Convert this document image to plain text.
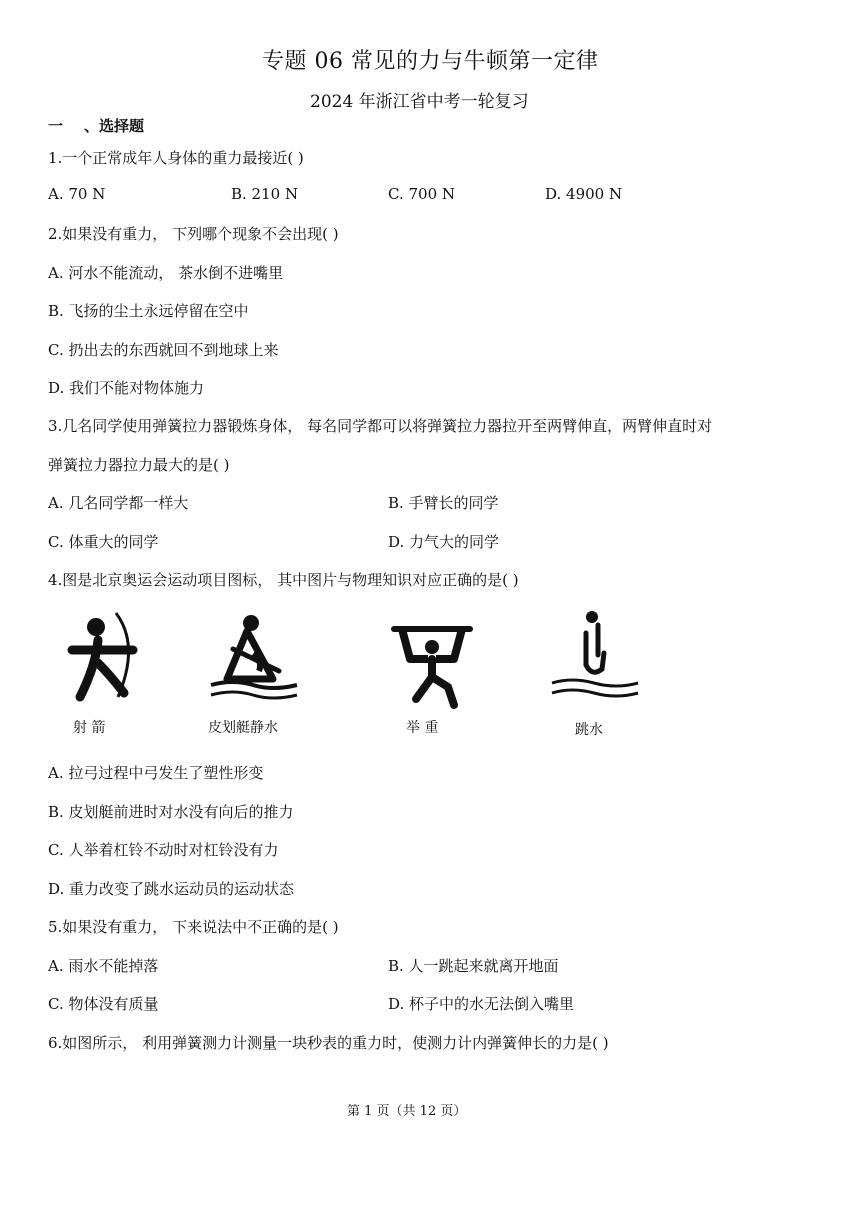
专题 06 常见的力与牛顿第一定律
2024 年浙江省中考一轮复习
一 、选择题
1.一个正常成年人身体的重力最接近( )
A. 70 N	B. 210 N	C. 700 N	D. 4900 N
2.如果没有重力， 下列哪个现象不会出现( )
A. 河水不能流动， 茶水倒不进嘴里
B. 飞扬的尘土永远停留在空中
C. 扔出去的东西就回不到地球上来
D. 我们不能对物体施力
3.几名同学使用弹簧拉力器锻炼身体， 每名同学都可以将弹簧拉力器拉开至两臂伸直，两臂伸直时对
弹簧拉力器拉力最大的是( )
A. 几名同学都一样大	B. 手臂长的同学
C. 体重大的同学	D. 力气大的同学
4.图是北京奥运会运动项目图标， 其中图片与物理知识对应正确的是( )
射 箭	皮划艇静水	举 重	跳水
A. 拉弓过程中弓发生了塑性形变
B. 皮划艇前进时对水没有向后的推力
C. 人举着杠铃不动时对杠铃没有力
D. 重力改变了跳水运动员的运动状态
5.如果没有重力， 下来说法中不正确的是( )
A. 雨水不能掉落	B. 人一跳起来就离开地面
C. 物体没有质量	D. 杯子中的水无法倒入嘴里
6.如图所示， 利用弹簧测力计测量一块秒表的重力时，使测力计内弹簧伸长的力是( )
第 1 页（共 12 页）
